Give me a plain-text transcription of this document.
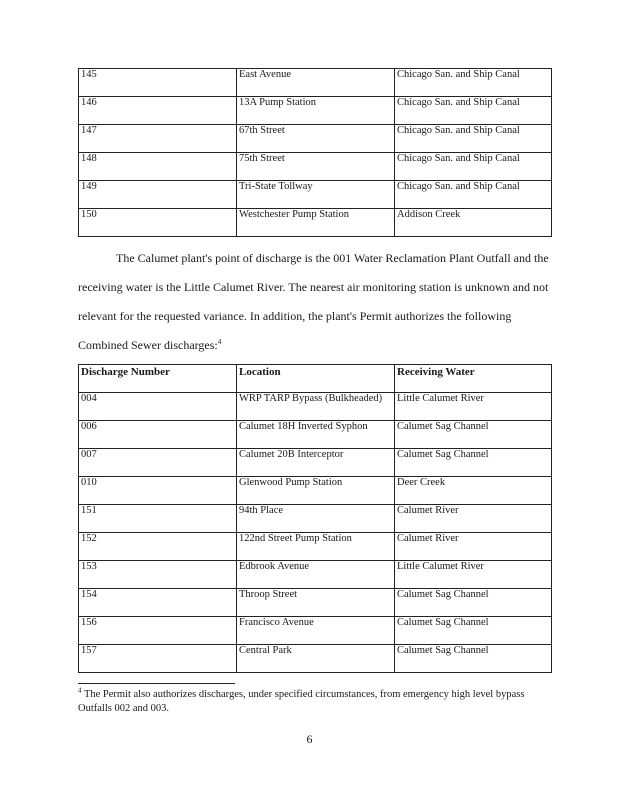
145	East Avenue	Chicago San. and Ship Canal
146	13A Pump Station	Chicago San. and Ship Canal
147	67th Street	Chicago San. and Ship Canal
148	75th Street	Chicago San. and Ship Canal
149	Tri-State Tollway	Chicago San. and Ship Canal
150	Westchester Pump Station	Addison Creek

The Calumet plant's point of discharge is the 001 Water Reclamation Plant Outfall and the receiving water is the Little Calumet River. The nearest air monitoring station is unknown and not relevant for the requested variance. In addition, the plant's Permit authorizes the following Combined Sewer discharges:$^4$

Discharge Number	Location	Receiving Water
004	WRP TARP Bypass (Bulkheaded)	Little Calumet River
006	Calumet 18H Inverted Syphon	Calumet Sag Channel
007	Calumet 20B Interceptor	Calumet Sag Channel
010	Glenwood Pump Station	Deer Creek
151	94th Place	Calumet River
152	122nd Street Pump Station	Calumet River
153	Edbrook Avenue	Little Calumet River
154	Throop Street	Calumet Sag Channel
156	Francisco Avenue	Calumet Sag Channel
157	Central Park	Calumet Sag Channel

$^4$ The Permit also authorizes discharges, under specified circumstances, from emergency high level bypass Outfalls 002 and 003.

6
